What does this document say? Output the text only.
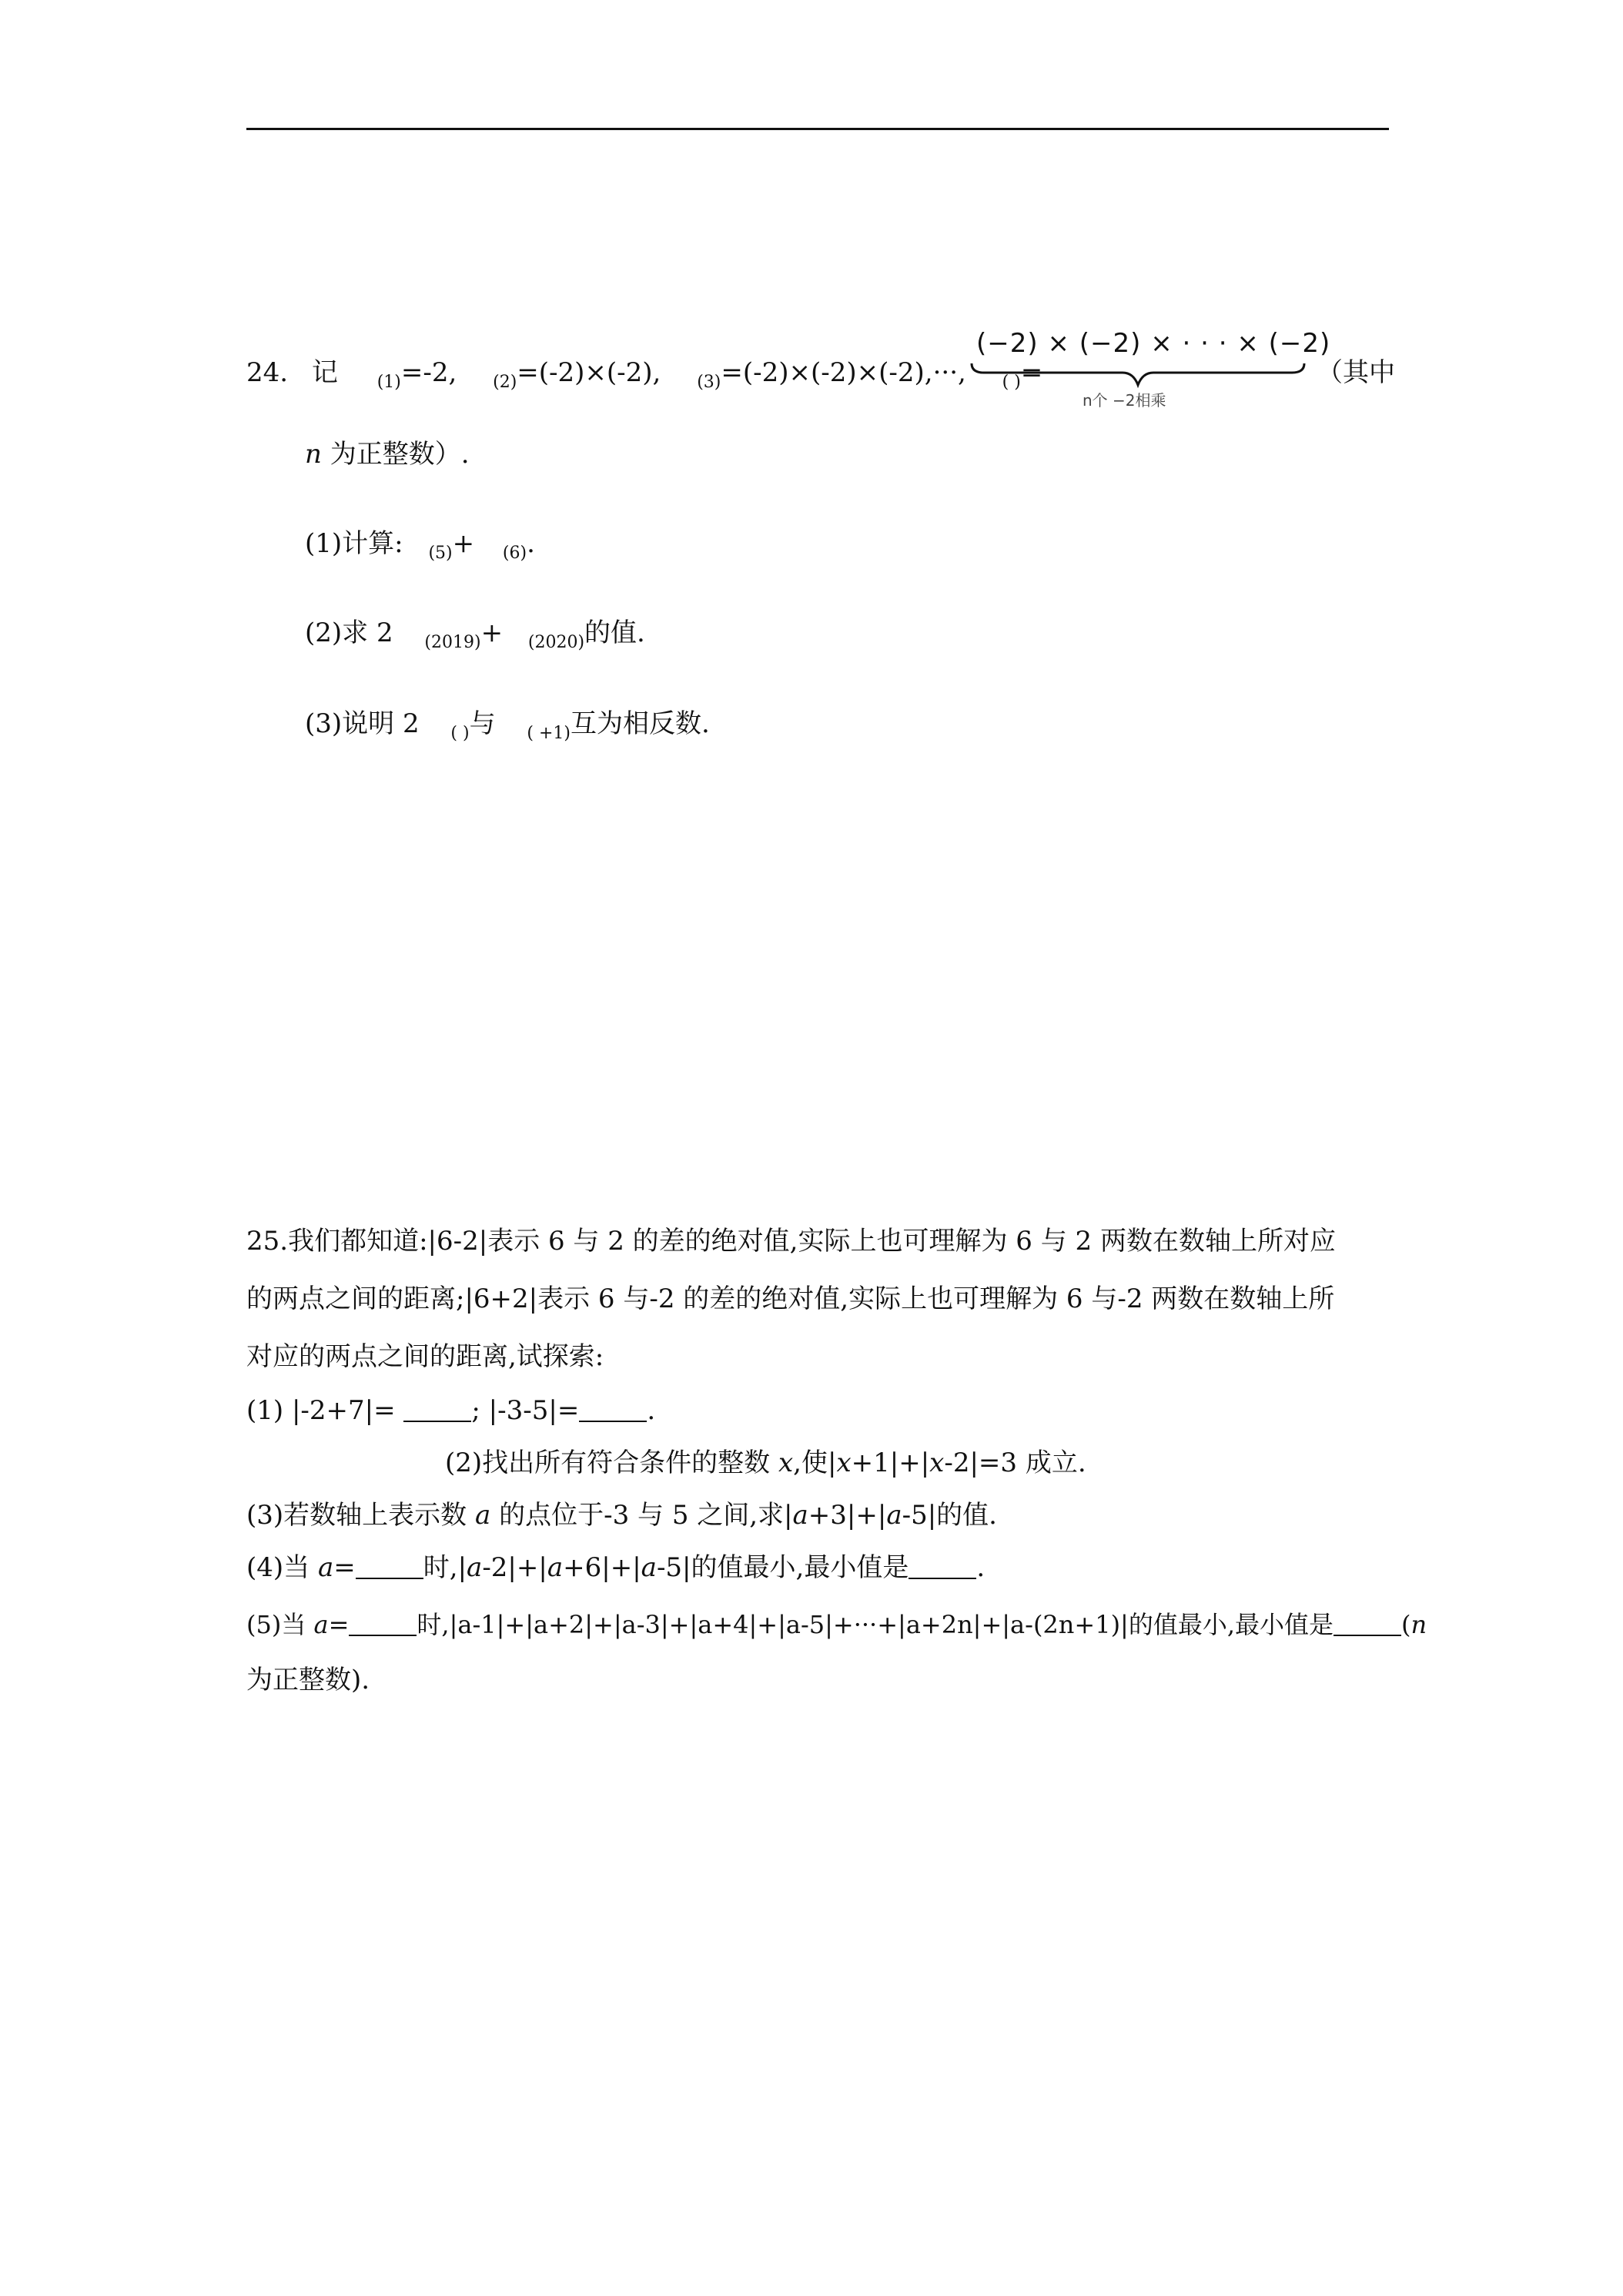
24. 记 $_{(1)}$=-2, $_{(2)}$=(-2)×(-2), $_{(3)}$=(-2)×(-2)×(-2),···, $_{( )}$=
(−2) × (−2) × · · · × (−2)
n个 −2相乘
（其中
n 为正整数）.
(1)计算: $_{(5)}$+ $_{(6)}$.
(2)求 2 $_{(2019)}$+ $_{(2020)}$的值.
(3)说明 2 $_{( )}$与 $_{( +1)}$互为相反数.
25.我们都知道:|6-2|表示 6 与 2 的差的绝对值,实际上也可理解为 6 与 2 两数在数轴上所对应
的两点之间的距离;|6+2|表示 6 与-2 的差的绝对值,实际上也可理解为 6 与-2 两数在数轴上所
对应的两点之间的距离,试探索:
(1) |-2+7|=	; |-3-5|=	.
(2)找出所有符合条件的整数 x,使|x+1|+|x-2|=3 成立.
(3)若数轴上表示数 a 的点位于-3 与 5 之间,求|a+3|+|a-5|的值.
(4)当 a=	时,|a-2|+|a+6|+|a-5|的值最小,最小值是	.
(5)当 a=	时,|a-1|+|a+2|+|a-3|+|a+4|+|a-5|+···+|a+2n|+|a-(2n+1)|的值最小,最小值是	(n
为正整数).
